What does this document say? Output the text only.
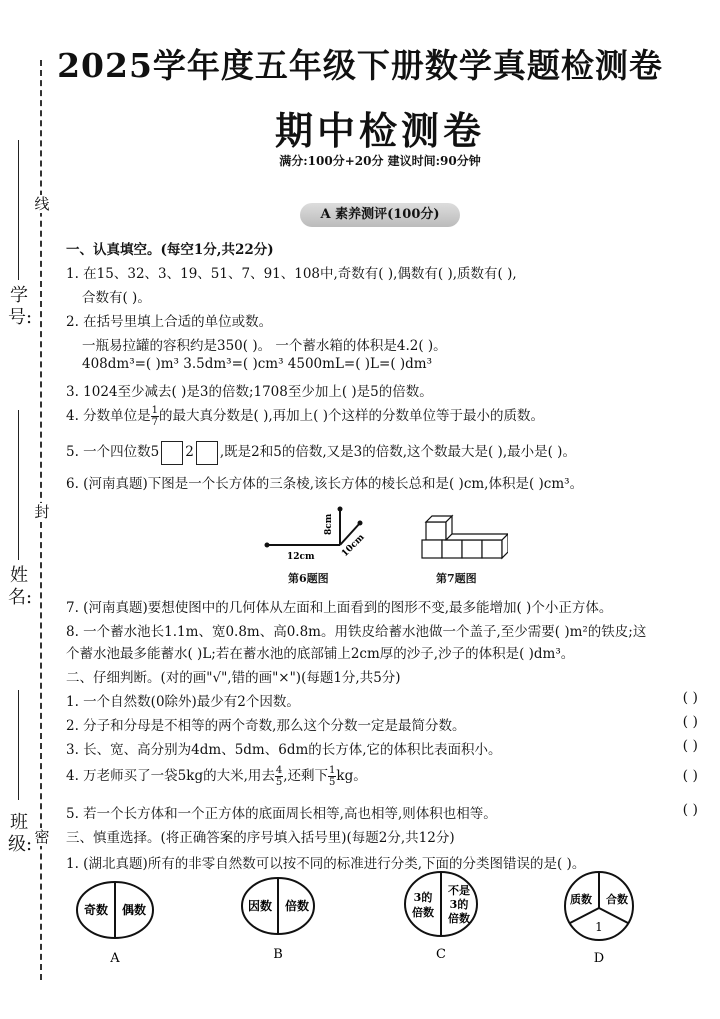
线
封
密
学号:
姓名:
班级:
2025学年度五年级下册数学真题检测卷
期中检测卷
满分:100分+20分 建议时间:90分钟
A 素养测评(100分)
一、认真填空。(每空1分,共22分)
1. 在15、32、3、19、51、7、91、108中,奇数有( ),偶数有( ),质数有( ),
合数有( )。
2. 在括号里填上合适的单位或数。
一瓶易拉罐的容积约是350( )。 一个蓄水箱的体积是4.2( )。
408dm³=( )m³ 3.5dm³=( )cm³ 4500mL=( )L=( )dm³
3. 1024至少减去( )是3的倍数;1708至少加上( )是5的倍数。
4. 分数单位是 $\frac{1}{7}$ 的最大真分数是( ),再加上( )个这样的分数单位等于最小的质数。
5. 一个四位数5 2 ,既是2和5的倍数,又是3的倍数,这个数最大是( ),最小是( )。
6. (河南真题)下图是一个长方体的三条棱,该长方体的棱长总和是( )cm,体积是( )cm³。
8cm
10cm
12cm
第6题图	第7题图
7. (河南真题)要想使图中的几何体从左面和上面看到的图形不变,最多能增加( )个小正方体。
8. 一个蓄水池长1.1m、宽0.8m、高0.8m。用铁皮给蓄水池做一个盖子,至少需要( )m²的铁皮;这
个蓄水池最多能蓄水( )L;若在蓄水池的底部铺上2cm厚的沙子,沙子的体积是( )dm³。
二、仔细判断。(对的画"√",错的画"×")(每题1分,共5分)
1. 一个自然数(0除外)最少有2个因数。	( )
2. 分子和分母是不相等的两个奇数,那么这个分数一定是最简分数。	( )
3. 长、宽、高分别为4dm、5dm、6dm的长方体,它的体积比表面积小。	( )
4. 万老师买了一袋5kg的大米,用去 $\frac{4}{5}$ ,还剩下 $\frac{1}{5}$ kg。	( )
5. 若一个长方体和一个正方体的底面周长相等,高也相等,则体积也相等。	( )
三、慎重选择。(将正确答案的序号填入括号里)(每题2分,共12分)
1. (湖北真题)所有的非零自然数可以按不同的标准进行分类,下面的分类图错误的是( )。
奇数 偶数
A
因数 倍数
B
3的
倍数
不是
3的
倍数
C
质数 合数
1
D
